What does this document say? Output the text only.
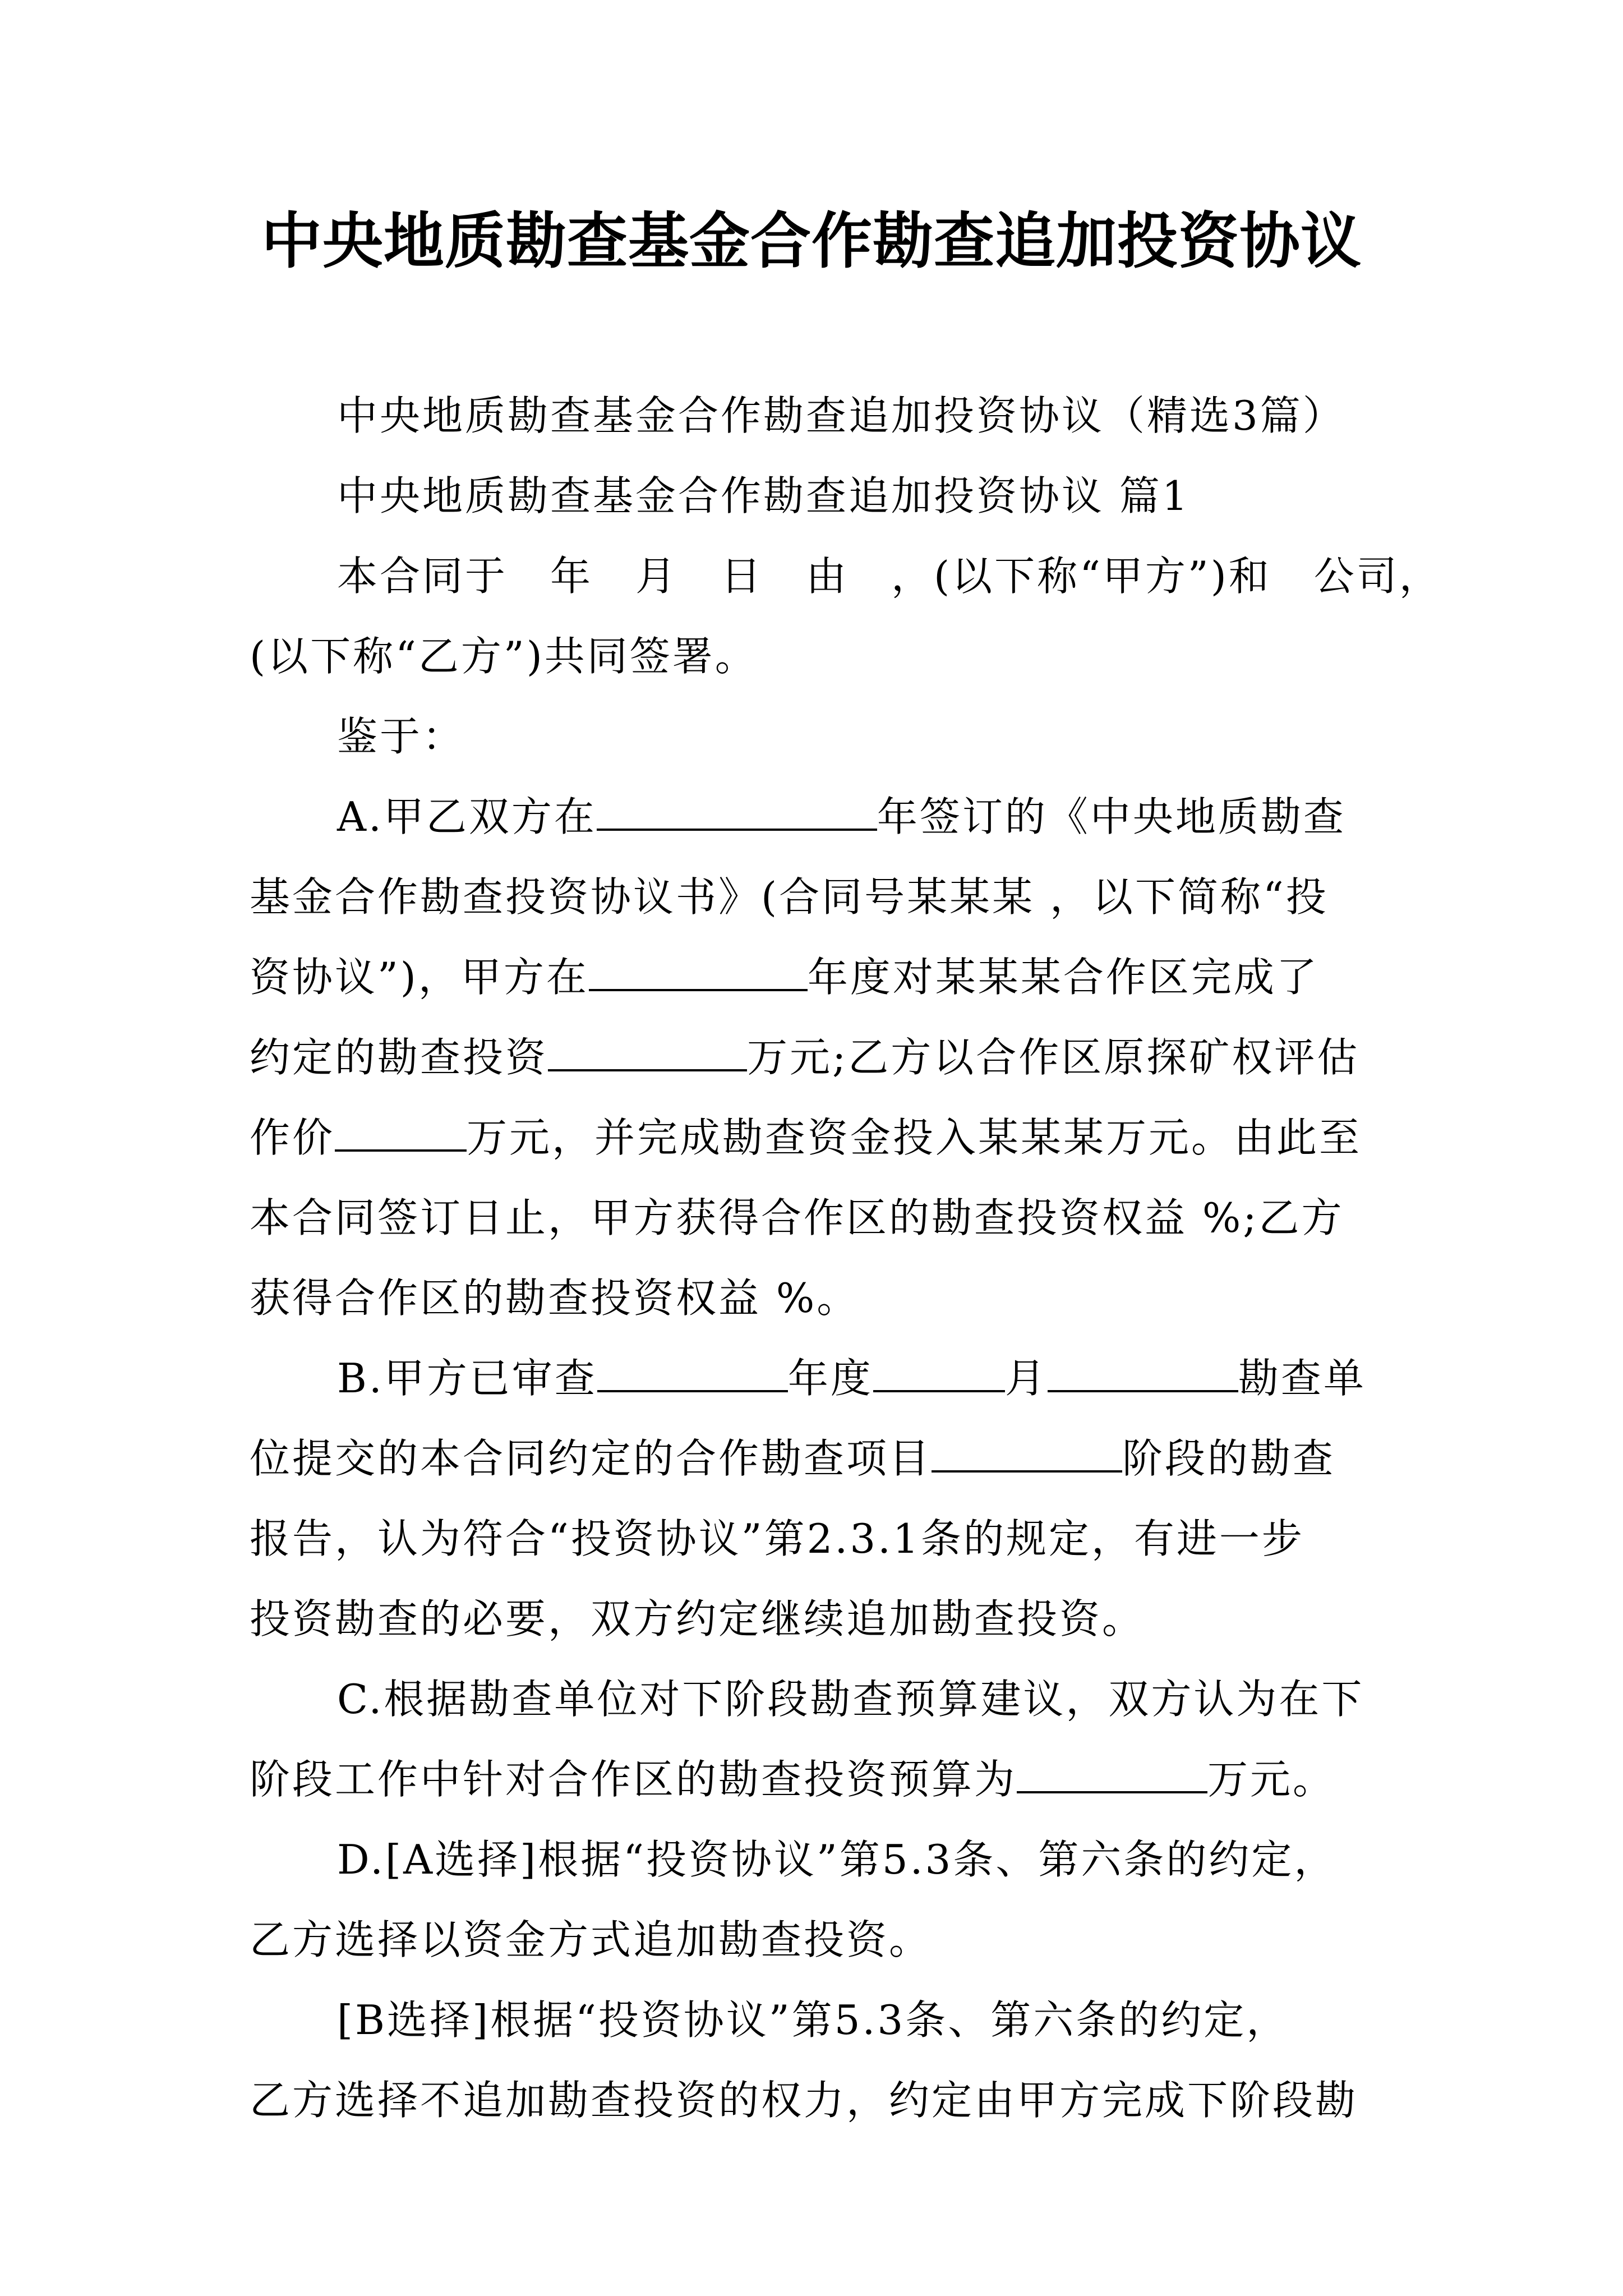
中央地质勘查基金合作勘查追加投资协议

中央地质勘查基金合作勘查追加投资协议（精选3篇）

中央地质勘查基金合作勘查追加投资协议 篇1

本合同于　年　月　日　由　，(以下称“甲方”)和　公司，
(以下称“乙方”)共同签署。

鉴于：

A.甲乙双方在	年签订的《中央地质勘查
基金合作勘查投资协议书》(合同号某某某 ，以下简称“投
资协议”)，甲方在	年度对某某某合作区完成了
约定的勘查投资	万元;乙方以合作区原探矿权评估
作价	万元，并完成勘查资金投入某某某万元。由此至
本合同签订日止，甲方获得合作区的勘查投资权益 %;乙方
获得合作区的勘查投资权益 %。

B.甲方已审查	年度	月	勘查单
位提交的本合同约定的合作勘查项目	阶段的勘查
报告，认为符合“投资协议”第2.3.1条的规定，有进一步
投资勘查的必要，双方约定继续追加勘查投资。

C.根据勘查单位对下阶段勘查预算建议，双方认为在下
阶段工作中针对合作区的勘查投资预算为	万元。

D.[A选择]根据“投资协议”第5.3条、第六条的约定，
乙方选择以资金方式追加勘查投资。

[B选择]根据“投资协议”第5.3条、第六条的约定，
乙方选择不追加勘查投资的权力，约定由甲方完成下阶段勘
